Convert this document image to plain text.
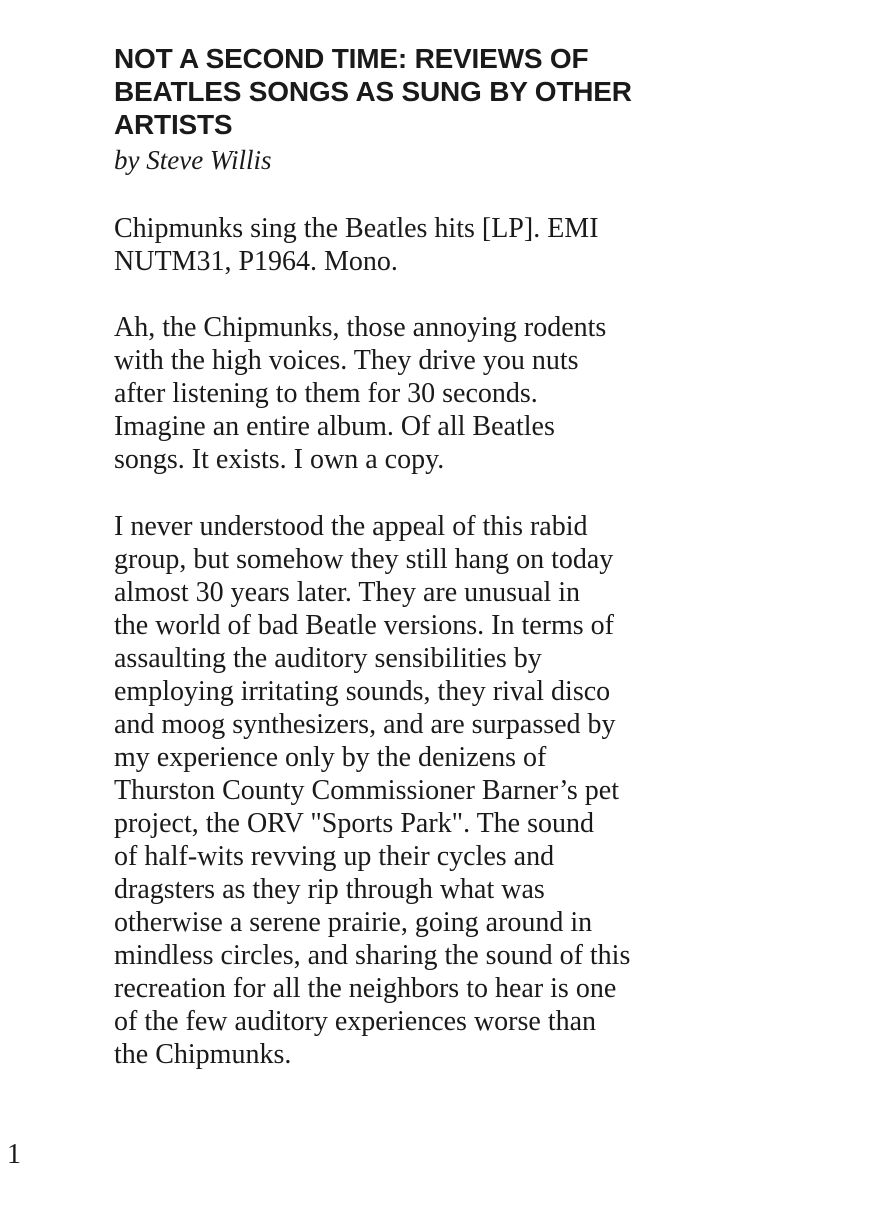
NOT A SECOND TIME: REVIEWS OF
BEATLES SONGS AS SUNG BY OTHER
ARTISTS
by Steve Willis
Chipmunks sing the Beatles hits [LP]. EMI
NUTM31, P1964. Mono.
Ah, the Chipmunks, those annoying rodents
with the high voices. They drive you nuts
after listening to them for 30 seconds.
Imagine an entire album. Of all Beatles
songs. It exists. I own a copy.
I never understood the appeal of this rabid
group, but somehow they still hang on today
almost 30 years later. They are unusual in
the world of bad Beatle versions. In terms of
assaulting the auditory sensibilities by
employing irritating sounds, they rival disco
and moog synthesizers, and are surpassed by
my experience only by the denizens of
Thurston County Commissioner Barner’s pet
project, the ORV "Sports Park". The sound
of half-wits revving up their cycles and
dragsters as they rip through what was
otherwise a serene prairie, going around in
mindless circles, and sharing the sound of this
recreation for all the neighbors to hear is one
of the few auditory experiences worse than
the Chipmunks.
1
